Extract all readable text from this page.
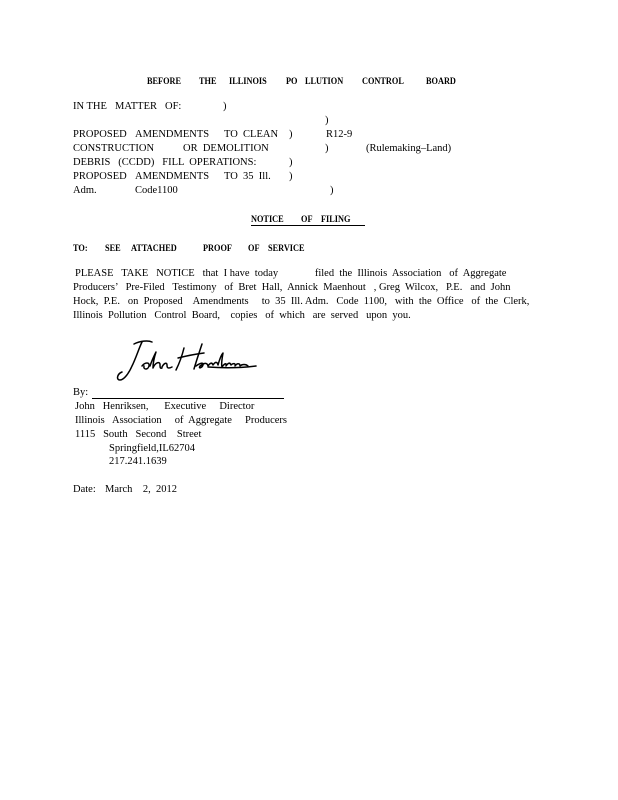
BEFORE THE ILLINOIS PO LLUTION CONTROL BOARD
IN THE MATTER OF:	)
)
PROPOSED AMENDMENTS TO  CLEAN )	R12-9
CONSTRUCTION	OR  DEMOLITION	)	(Rulemaking–Land)
DEBRIS   (CCDD)   FILL  OPERATIONS:	)
PROPOSED AMENDMENTS TO  35  Ill. )
Adm.	Code1100	)
NOTICE OF FILING
TO: SEE ATTACHED	PROOF OF SERVICE
PLEASE   TAKE   NOTICE   that  I have  today              filed  the  Illinois  Association   of  Aggregate
Producers’   Pre-Filed   Testimony   of  Bret  Hall,  Annick  Maenhout   , Greg  Wilcox,   P.E.   and  John
Hock,  P.E.   on  Proposed    Amendments     to  35  Ill. Adm.   Code  1100,   with  the  Office   of  the  Clerk,
Illinois  Pollution   Control  Board,    copies   of  which   are  served   upon  you.
By:
John   Henriksen,      Executive     Director
Illinois   Association     of  Aggregate     Producers
1115   South   Second    Street
Springfield,IL62704
217.241.1639
Date: March    2,  2012
